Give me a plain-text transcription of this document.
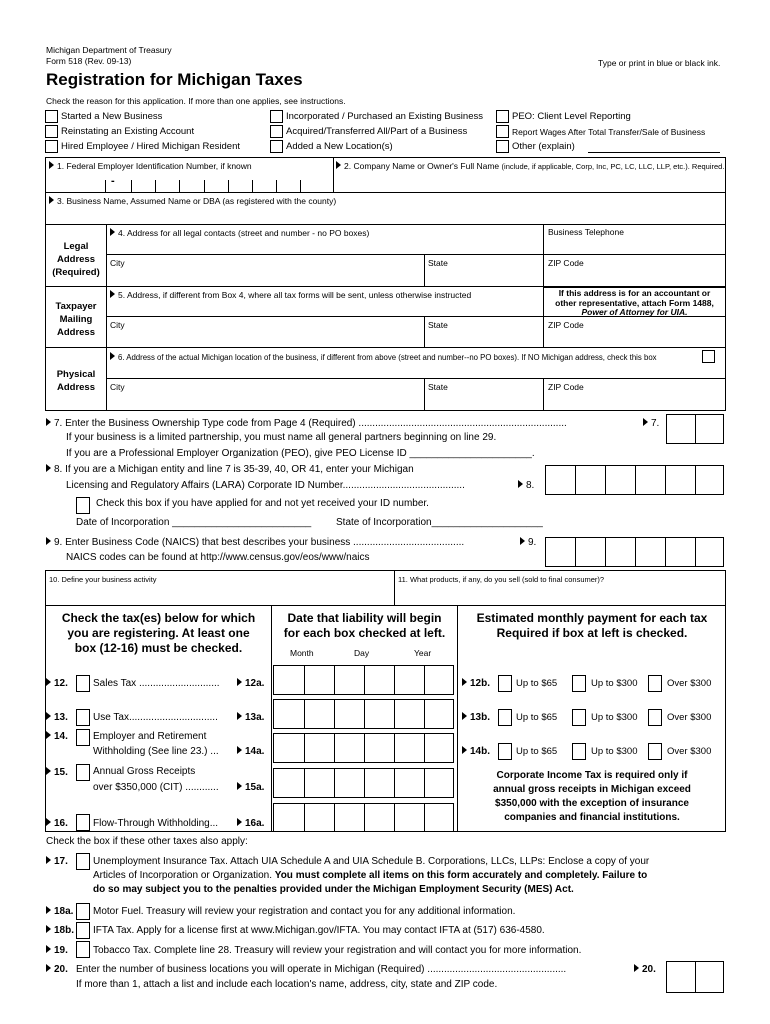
Michigan Department of Treasury
Form 518 (Rev. 09-13)	Type or print in blue or black ink.
Registration for Michigan Taxes
Check the reason for this application. If more than one applies, see instructions.
Started a New Business
Reinstating an Existing Account
Hired Employee / Hired Michigan Resident
Incorporated / Purchased an Existing Business
Acquired/Transferred All/Part of a Business
Added a New Location(s)
PEO: Client Level Reporting
Report Wages After Total Transfer/Sale of Business
Other (explain)
1. Federal Employer Identification Number, if known
-
2. Company Name or Owner's Full Name (include, if applicable, Corp, Inc, PC, LC, LLC, LLP, etc.). Required.
3. Business Name, Assumed Name or DBA (as registered with the county)
Legal
Address
(Required)
4. Address for all legal contacts (street and number - no PO boxes)	Business Telephone
City	State	ZIP Code
Taxpayer
Mailing
Address
5. Address, if different from Box 4, where all tax forms will be sent, unless otherwise instructed	If this address is for an accountant or
other representative, attach Form 1488,
Power of Attorney for UIA.
City	State	ZIP Code
Physical
Address
6. Address of the actual Michigan location of the business, if different from above (street and number--no PO boxes). If NO Michigan address, check this box
City	State	ZIP Code
7. Enter the Business Ownership Type code from Page 4 (Required) ...........................................................................	7.
If your business is a limited partnership, you must name all general partners beginning on line 29.
If you are a Professional Employer Organization (PEO), give PEO License ID ______________________.
8. If you are a Michigan entity and line 7 is 35-39, 40, OR 41, enter your Michigan
Licensing and Regulatory Affairs (LARA) Corporate ID Number............................................	8.
Check this box if you have applied for and not yet received your ID number.
Date of Incorporation _________________________ State of Incorporation____________________
9. Enter Business Code (NAICS) that best describes your business ........................................
NAICS codes can be found at http://www.census.gov/eos/www/naics
9.
10. Define your business activity	11. What products, if any, do you sell (sold to final consumer)?
Check the tax(es) below for which
you are registering. At least one
box (12-16) must be checked.
Date that liability will begin
for each box checked at left.
Estimated monthly payment for each tax
Required if box at left is checked.
Month	Day	Year
12.	Sales Tax .............................	12a.	12b.	Up to $65	Up to $300	Over $300
13.	Use Tax................................	13a.	13b.	Up to $65	Up to $300	Over $300
14.	Employer and Retirement
Withholding (See line 23.) ...	14a.	14b.	Up to $65	Up to $300	Over $300
15.	Annual Gross Receipts
over $350,000 (CIT) ............	15a.
Corporate Income Tax is required only if
annual gross receipts in Michigan exceed
$350,000 with the exception of insurance
companies and financial institutions.
16.	Flow-Through Withholding...	16a.
Check the box if these other taxes also apply:
17.	Unemployment Insurance Tax. Attach UIA Schedule A and UIA Schedule B. Corporations, LLCs, LLPs: Enclose a copy of your
Articles of Incorporation or Organization. You must complete all items on this form accurately and completely. Failure to
do so may subject you to the penalties provided under the Michigan Employment Security (MES) Act.
18a. Motor Fuel. Treasury will review your registration and contact you for any additional information.
18b. IFTA Tax. Apply for a license first at www.Michigan.gov/IFTA. You may contact IFTA at (517) 636-4580.
19.	Tobacco Tax. Complete line 28. Treasury will review your registration and will contact you for more information.
20. Enter the number of business locations you will operate in Michigan (Required) ..................................................	20.
If more than 1, attach a list and include each location's name, address, city, state and ZIP code.
